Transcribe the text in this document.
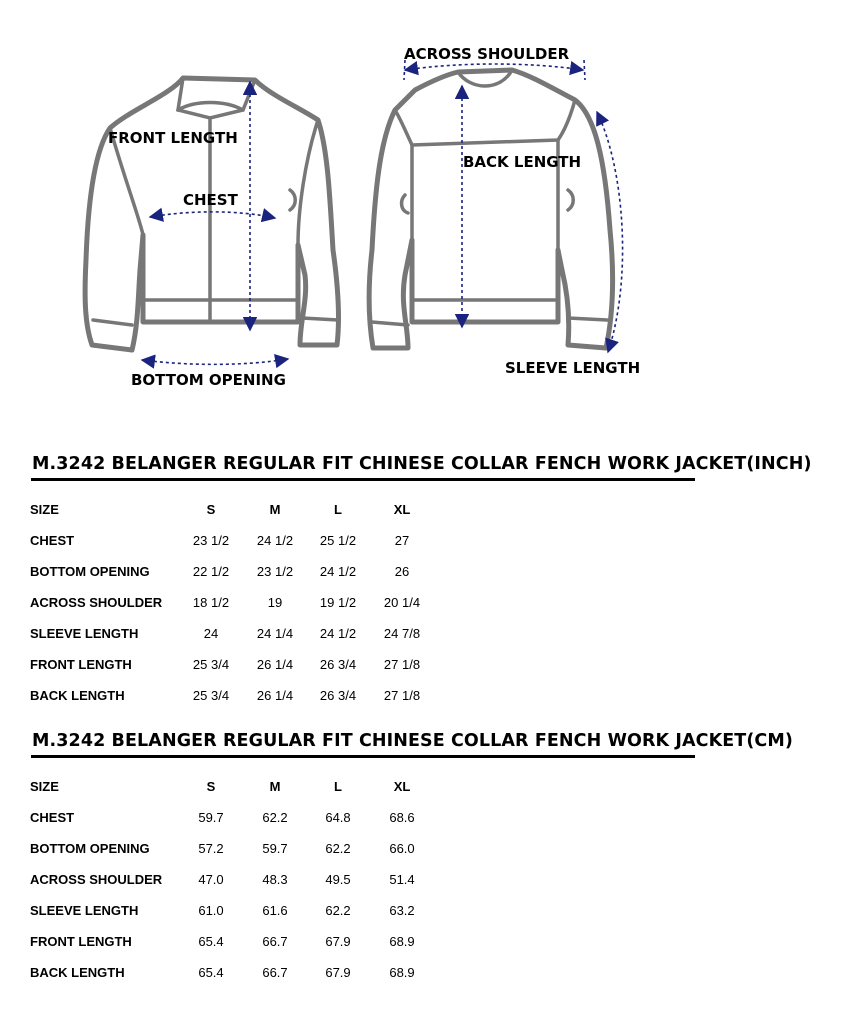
FRONT LENGTH
CHEST
BOTTOM OPENING
ACROSS SHOULDER
BACK LENGTH
SLEEVE LENGTH
M.3242 BELANGER REGULAR FIT CHINESE COLLAR FENCH WORK JACKET(INCH)
SIZE	S	M	L	XL
CHEST	23 1/2	24 1/2	25 1/2	27
BOTTOM OPENING	22 1/2	23 1/2	24 1/2	26
ACROSS SHOULDER	18 1/2	19	19 1/2	20 1/4
SLEEVE LENGTH	24	24 1/4	24 1/2	24 7/8
FRONT LENGTH	25 3/4	26 1/4	26 3/4	27 1/8
BACK LENGTH	25 3/4	26 1/4	26 3/4	27 1/8
M.3242 BELANGER REGULAR FIT CHINESE COLLAR FENCH WORK JACKET(CM)
SIZE	S	M	L	XL
CHEST	59.7	62.2	64.8	68.6
BOTTOM OPENING	57.2	59.7	62.2	66.0
ACROSS SHOULDER	47.0	48.3	49.5	51.4
SLEEVE LENGTH	61.0	61.6	62.2	63.2
FRONT LENGTH	65.4	66.7	67.9	68.9
BACK LENGTH	65.4	66.7	67.9	68.9
